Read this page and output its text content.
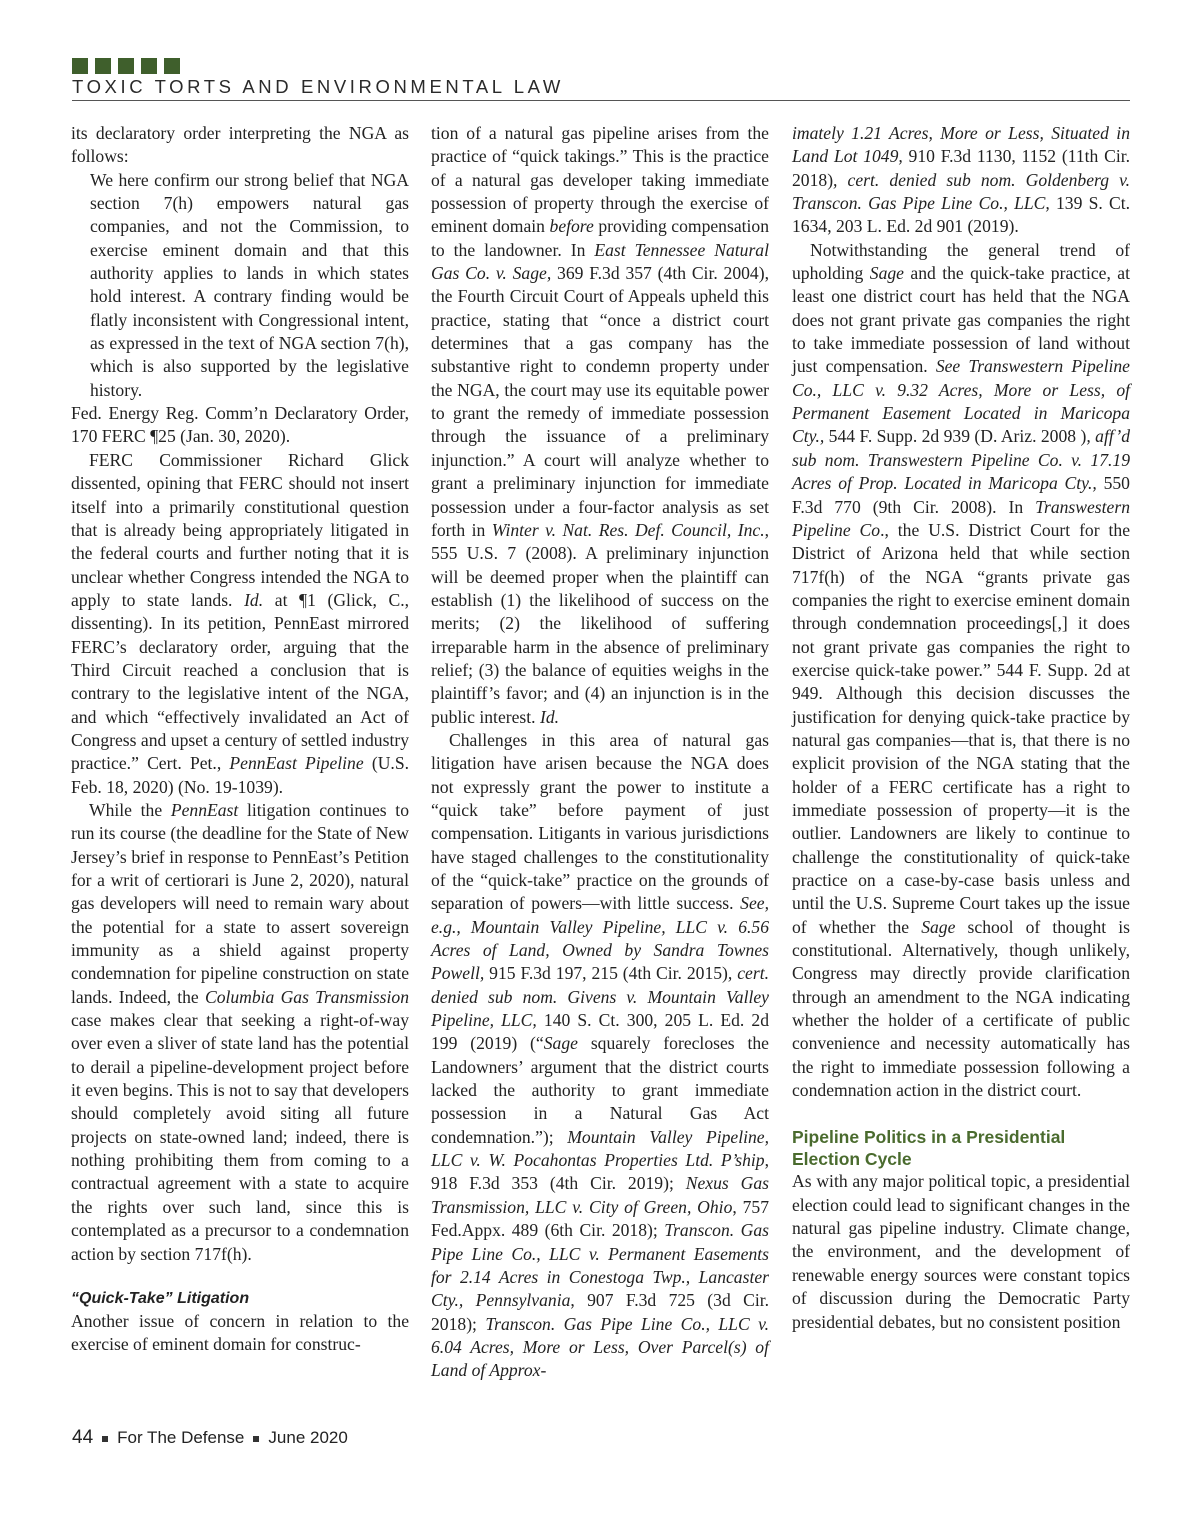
TOXIC TORTS AND ENVIRONMENTAL LAW

its declaratory order interpreting the NGA as follows:

We here confirm our strong belief that NGA section 7(h) empowers natural gas companies, and not the Commission, to exercise eminent domain and that this authority applies to lands in which states hold interest. A contrary finding would be flatly inconsistent with Congressional intent, as expressed in the text of NGA section 7(h), which is also supported by the legislative history.

Fed. Energy Reg. Comm’n Declaratory Order, 170 FERC ¶25 (Jan. 30, 2020).

FERC Commissioner Richard Glick dissented, opining that FERC should not insert itself into a primarily constitutional question that is already being appropriately litigated in the federal courts and further noting that it is unclear whether Congress intended the NGA to apply to state lands. Id. at ¶1 (Glick, C., dissenting). In its petition, PennEast mirrored FERC’s declaratory order, arguing that the Third Circuit reached a conclusion that is contrary to the legislative intent of the NGA, and which “effectively invalidated an Act of Congress and upset a century of settled industry practice.” Cert. Pet., PennEast Pipeline (U.S. Feb. 18, 2020) (No. 19-1039).

While the PennEast litigation continues to run its course (the deadline for the State of New Jersey’s brief in response to PennEast’s Petition for a writ of certiorari is June 2, 2020), natural gas developers will need to remain wary about the potential for a state to assert sovereign immunity as a shield against property condemnation for pipeline construction on state lands. Indeed, the Columbia Gas Transmission case makes clear that seeking a right-of-way over even a sliver of state land has the potential to derail a pipeline-development project before it even begins. This is not to say that developers should completely avoid siting all future projects on state-owned land; indeed, there is nothing prohibiting them from coming to a contractual agreement with a state to acquire the rights over such land, since this is contemplated as a precursor to a condemnation action by section 717f(h).

“Quick-Take” Litigation

Another issue of concern in relation to the exercise of eminent domain for construc-

tion of a natural gas pipeline arises from the practice of “quick takings.” This is the practice of a natural gas developer taking immediate possession of property through the exercise of eminent domain before providing compensation to the landowner. In East Tennessee Natural Gas Co. v. Sage, 369 F.3d 357 (4th Cir. 2004), the Fourth Circuit Court of Appeals upheld this practice, stating that “once a district court determines that a gas company has the substantive right to condemn property under the NGA, the court may use its equitable power to grant the remedy of immediate possession through the issuance of a preliminary injunction.” A court will analyze whether to grant a preliminary injunction for immediate possession under a four-factor analysis as set forth in Winter v. Nat. Res. Def. Council, Inc., 555 U.S. 7 (2008). A preliminary injunction will be deemed proper when the plaintiff can establish (1) the likelihood of success on the merits; (2) the likelihood of suffering irreparable harm in the absence of preliminary relief; (3) the balance of equities weighs in the plaintiff’s favor; and (4) an injunction is in the public interest. Id.

Challenges in this area of natural gas litigation have arisen because the NGA does not expressly grant the power to institute a “quick take” before payment of just compensation. Litigants in various jurisdictions have staged challenges to the constitutionality of the “quick-take” practice on the grounds of separation of powers—with little success. See, e.g., Mountain Valley Pipeline, LLC v. 6.56 Acres of Land, Owned by Sandra Townes Powell, 915 F.3d 197, 215 (4th Cir. 2015), cert. denied sub nom. Givens v. Mountain Valley Pipeline, LLC, 140 S. Ct. 300, 205 L. Ed. 2d 199 (2019) (“Sage squarely forecloses the Landowners’ argument that the district courts lacked the authority to grant immediate possession in a Natural Gas Act condemnation.”); Mountain Valley Pipeline, LLC v. W. Pocahontas Properties Ltd. P’ship, 918 F.3d 353 (4th Cir. 2019); Nexus Gas Transmission, LLC v. City of Green, Ohio, 757 Fed.Appx. 489 (6th Cir. 2018); Transcon. Gas Pipe Line Co., LLC v. Permanent Easements for 2.14 Acres in Conestoga Twp., Lancaster Cty., Pennsylvania, 907 F.3d 725 (3d Cir. 2018); Transcon. Gas Pipe Line Co., LLC v. 6.04 Acres, More or Less, Over Parcel(s) of Land of Approx-

imately 1.21 Acres, More or Less, Situated in Land Lot 1049, 910 F.3d 1130, 1152 (11th Cir. 2018), cert. denied sub nom. Goldenberg v. Transcon. Gas Pipe Line Co., LLC, 139 S. Ct. 1634, 203 L. Ed. 2d 901 (2019).

Notwithstanding the general trend of upholding Sage and the quick-take practice, at least one district court has held that the NGA does not grant private gas companies the right to take immediate possession of land without just compensation. See Transwestern Pipeline Co., LLC v. 9.32 Acres, More or Less, of Permanent Easement Located in Maricopa Cty., 544 F. Supp. 2d 939 (D. Ariz. 2008 ), aff’d sub nom. Transwestern Pipeline Co. v. 17.19 Acres of Prop. Located in Maricopa Cty., 550 F.3d 770 (9th Cir. 2008). In Transwestern Pipeline Co., the U.S. District Court for the District of Arizona held that while section 717f(h) of the NGA “grants private gas companies the right to exercise eminent domain through condemnation proceedings[,] it does not grant private gas companies the right to exercise quick-take power.” 544 F. Supp. 2d at 949. Although this decision discusses the justification for denying quick-take practice by natural gas companies—that is, that there is no explicit provision of the NGA stating that the holder of a FERC certificate has a right to immediate possession of property—it is the outlier. Landowners are likely to continue to challenge the constitutionality of quick-take practice on a case-by-case basis unless and until the U.S. Supreme Court takes up the issue of whether the Sage school of thought is constitutional. Alternatively, though unlikely, Congress may directly provide clarification through an amendment to the NGA indicating whether the holder of a certificate of public convenience and necessity automatically has the right to immediate possession following a condemnation action in the district court.

Pipeline Politics in a Presidential Election Cycle

As with any major political topic, a presidential election could lead to significant changes in the natural gas pipeline industry. Climate change, the environment, and the development of renewable energy sources were constant topics of discussion during the Democratic Party presidential debates, but no consistent position

44 For The Defense June 2020
